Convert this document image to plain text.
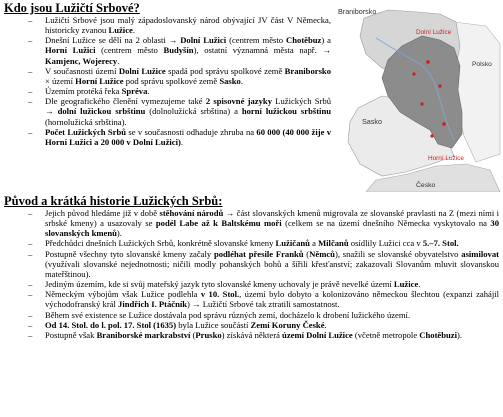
Kdo jsou Lužičtí Srbové?
– Lužičtí Srbové jsou malý západoslovanský národ obývající JV část V Německa, historicky zvanou Lužice.
– Dnešní Lužice se dělí na 2 oblasti → Dolní Lužici (centrem město Chotěbuz) a Horní Lužici (centrem město Budyšín), ostatní významná města např. → Kamjenc, Wojerecy.
– V současnosti území Dolní Lužice spadá pod správu spolkové země Braniborsko × území Horní Lužice pod správu spolkové země Sasko.
– Územím protéká řeka Spréva.
– Dle geografického členění vymezujeme také 2 spisovné jazyky Lužických Srbů → dolní lužickou srbštinu (dolnolužická srbština) a horní lužickou srbštinu (hornolužická srbština).
– Počet Lužických Srbů se v současnosti odhaduje zhruba na 60 000 (40 000 žije v Horní Lužici a 20 000 v Dolní Lužici).
Braniborsko
Dolní Lužice
Polsko
Sasko
Horní Lužice
Česko
Původ a krátká historie Lužických Srbů:
– Jejich původ hledáme již v době stěhování národů → část slovanských kmenů migrovala ze slovanské pravlasti na Z (mezi ními i srbské kmeny) a usazovaly se podél Labe až k Baltskému moři (celkem se na území dnešního Německa vyskytovalo na 30 slovanských kmenů).
– Předchůdci dnešních Lužických Srbů, konkrétně slovanské kmeny Lužičanů a Milčanů osídlily Lužici cca v 5.–7. Stol.
– Postupně všechny tyto slovanské kmeny začaly podléhat přesile Franků (Němců), snažili se slovanské obyvatelstvo asimilovat (využívali slovanské nejednotnosti; ničili modly pohanských bohů a šířili křesťanství; zakazovali Slovanům mluvit slovanskou mateřštinou).
– Jediným územím, kde si svůj mateřský jazyk tyto slovanské kmeny uchovaly je právě nevelké území Lužice.
– Německým výbojům však Lužice podlehla v 10. Stol., území bylo dobyto a kolonizováno německou šlechtou (expanzi zahájil východofranský král Jindřich I. Ptáčník) → Lužičtí Srbové tak ztratili samostatnost.
– Během své existence se Lužice dostávala pod správu různých zemí, docházelo k drobení lužického území.
– Od 14. Stol. do l. pol. 17. Stol (1635) byla Lužice součástí Zemí Koruny České.
– Postupně však Braniborské markrabství (Prusko) získává některá území Dolní Lužice (včetně metropole Chotěbuzi).
